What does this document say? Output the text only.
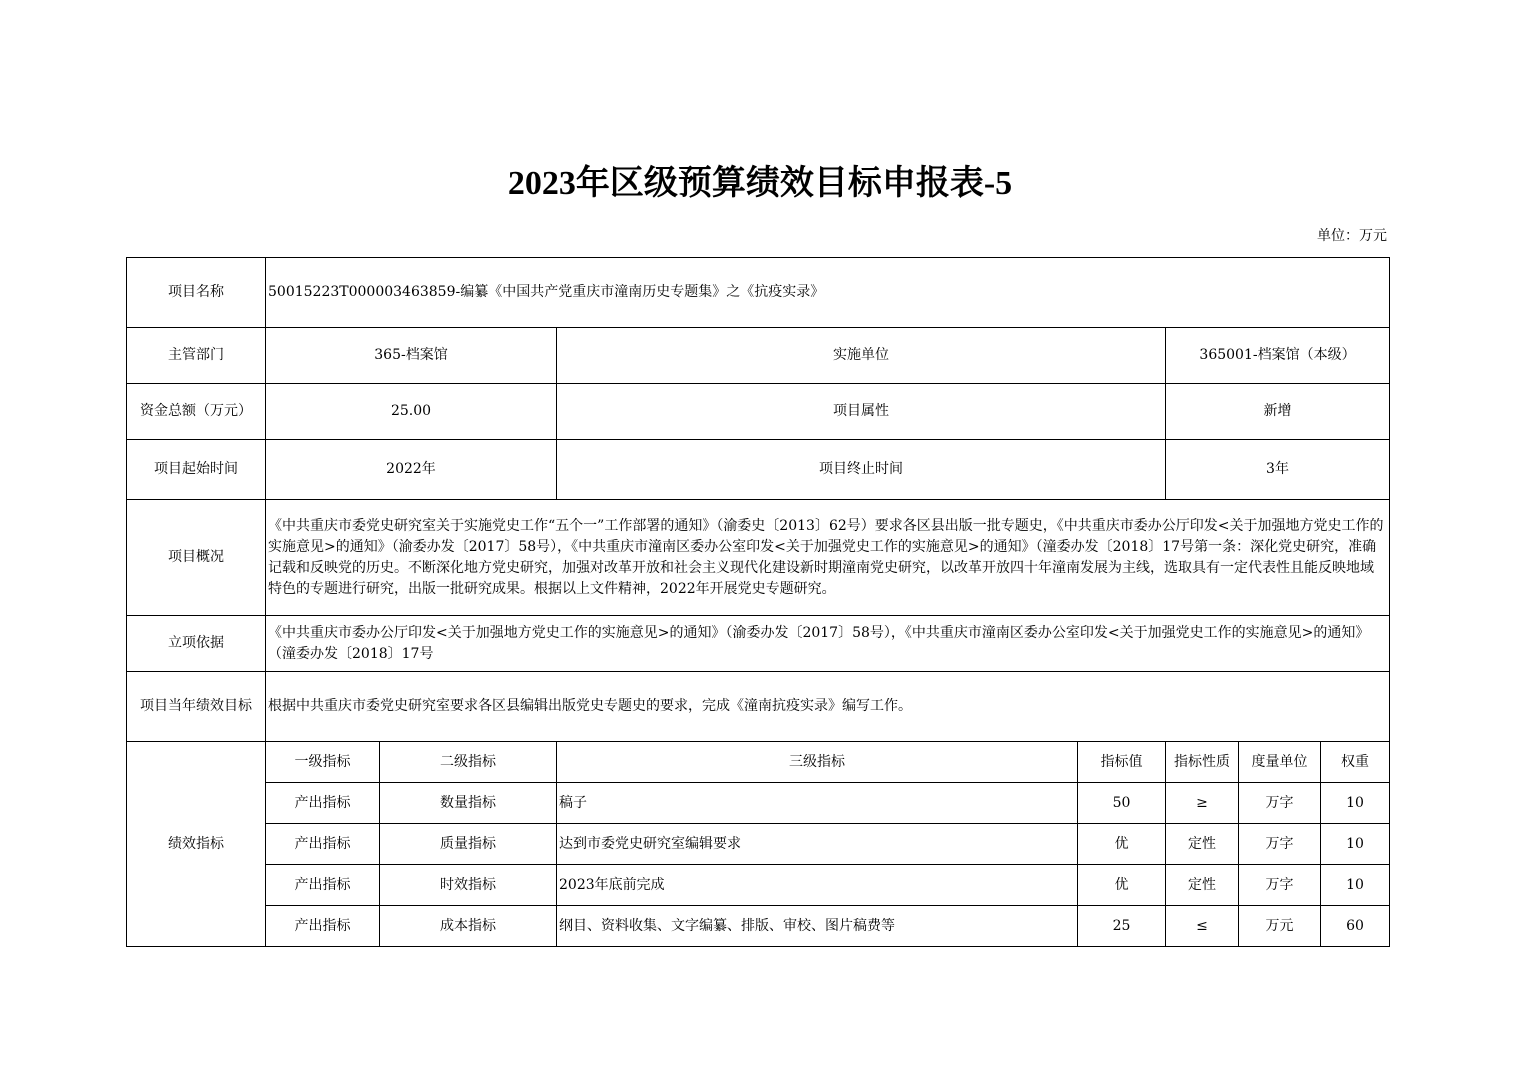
2023年区级预算绩效目标申报表-5
单位：万元
项目名称	50015223T000003463859-编纂《中国共产党重庆市潼南历史专题集》之《抗疫实录》						
主管部门	365-档案馆		实施单位		365001-档案馆（本级）		
资金总额（万元）	25.00		项目属性		新增		
项目起始时间	2022年		项目终止时间		3年		
项目概况	《中共重庆市委党史研究室关于实施党史工作“五个一”工作部署的通知》（渝委史〔2013〕62号）要求各区县出版一批专题史，《中共重庆市委办公厅印发<关于加强地方党史工作的实施意见>的通知》（渝委办发〔2017〕58号），《中共重庆市潼南区委办公室印发<关于加强党史工作的实施意见>的通知》（潼委办发〔2018〕17号第一条：深化党史研究，准确记载和反映党的历史。不断深化地方党史研究，加强对改革开放和社会主义现代化建设新时期潼南党史研究，以改革开放四十年潼南发展为主线，选取具有一定代表性且能反映地域特色的专题进行研究，出版一批研究成果。根据以上文件精神，2022年开展党史专题研究。						
立项依据	《中共重庆市委办公厅印发<关于加强地方党史工作的实施意见>的通知》（渝委办发〔2017〕58号），《中共重庆市潼南区委办公室印发<关于加强党史工作的实施意见>的通知》（潼委办发〔2018〕17号						
项目当年绩效目标	根据中共重庆市委党史研究室要求各区县编辑出版党史专题史的要求，完成《潼南抗疫实录》编写工作。						
绩效指标	一级指标	二级指标	三级指标	指标值	指标性质	度量单位	权重
	产出指标	数量指标	稿子	50	≥	万字	10
	产出指标	质量指标	达到市委党史研究室编辑要求	优	定性	万字	10
	产出指标	时效指标	2023年底前完成	优	定性	万字	10
	产出指标	成本指标	纲目、资料收集、文字编纂、排版、审校、图片稿费等	25	≤	万元	60
